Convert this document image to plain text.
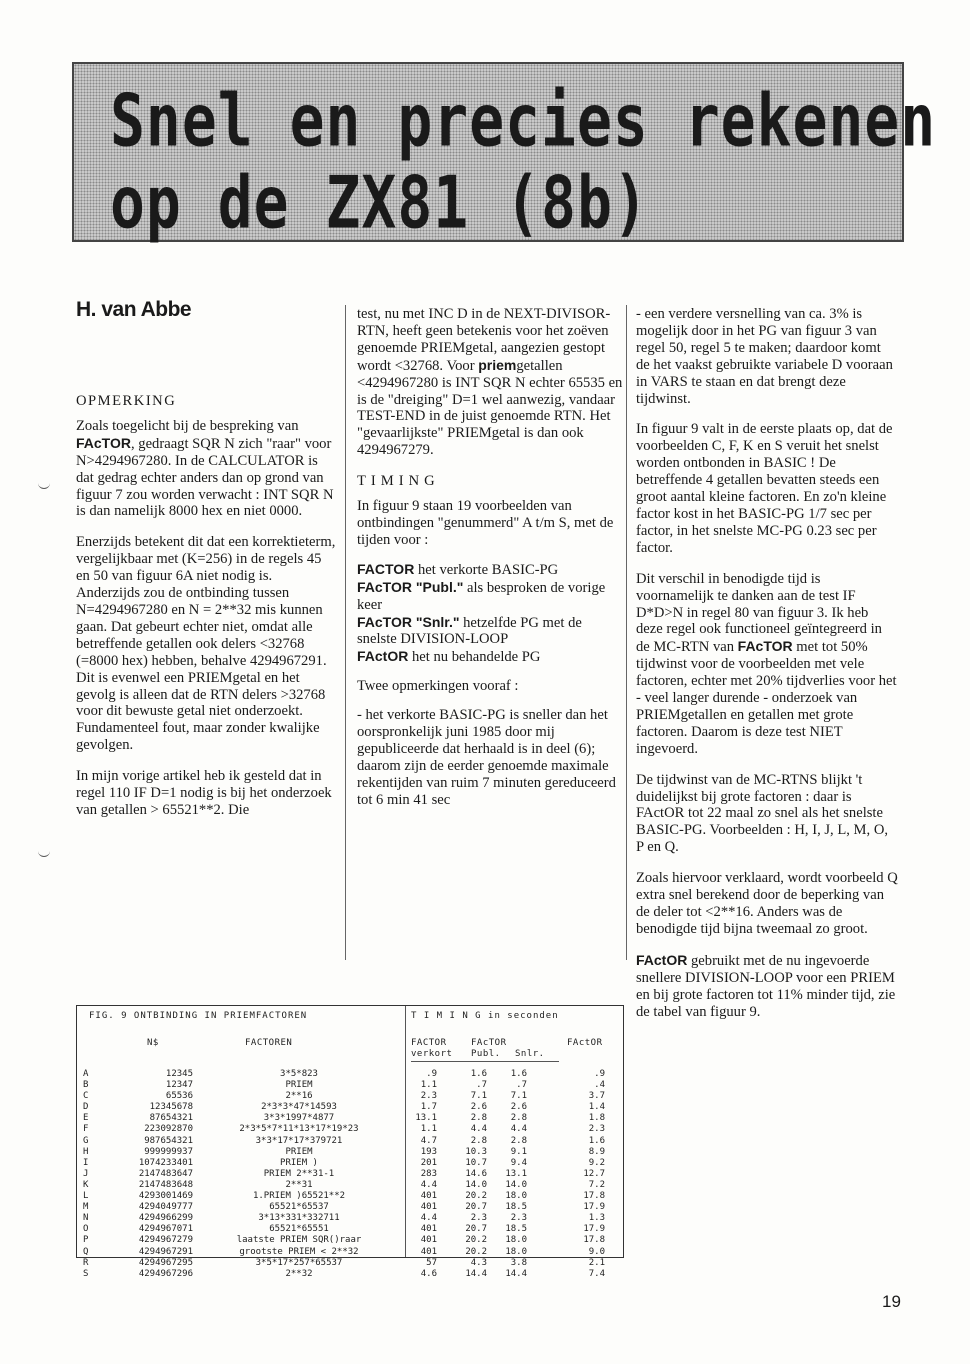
Snel en precies rekenen
op de ZX81 (8b)
H. van Abbe

OPMERKING

Zoals toegelicht bij de bespreking van FAcTOR, gedraagt SQR N zich "raar" voor N>4294967280. In de CALCULATOR is dat gedrag echter anders dan op grond van figuur 7 zou worden verwacht : INT SQR N is dan namelijk 8000 hex en niet 0000.

Enerzijds betekent dit dat een korrektieterm, vergelijkbaar met (K=256) in de regels 45 en 50 van figuur 6A niet nodig is. Anderzijds zou de ontbinding tussen N=4294967280 en N = 2**32 mis kunnen gaan. Dat gebeurt echter niet, omdat alle betreffende getallen ook delers <32768 (=8000 hex) hebben, behalve 4294967291. Dit is evenwel een PRIEMgetal en het gevolg is alleen dat de RTN delers >32768 voor dit bewuste getal niet onderzoekt. Fundamenteel fout, maar zonder kwalijke gevolgen.

In mijn vorige artikel heb ik gesteld dat in regel 110 IF D=1 nodig is bij het onderzoek van getallen > 65521**2. Die

test, nu met INC D in de NEXT-DIVISOR-RTN, heeft geen betekenis voor het zoëven genoemde PRIEMgetal, aangezien gestopt wordt <32768. Voor priemgetallen <4294967280 is INT SQR N echter 65535 en is de "dreiging" D=1 wel aanwezig, vandaar TEST-END in de juist genoemde RTN. Het "gevaarlijkste" PRIEMgetal is dan ook 4294967279.

TIMING

In figuur 9 staan 19 voorbeelden van ontbindingen "genummerd" A t/m S, met de tijden voor :

FACTOR het verkorte BASIC-PG
FAcTOR "Publ." als besproken de vorige keer
FAcTOR "Snlr." hetzelfde PG met de snelste DIVISION-LOOP
FActOR het nu behandelde PG

Twee opmerkingen vooraf :

- het verkorte BASIC-PG is sneller dan het oorspronkelijk juni 1985 door mij gepubliceerde dat herhaald is in deel (6); daarom zijn de eerder genoemde maximale rekentijden van ruim 7 minuten gereduceerd tot 6 min 41 sec

- een verdere versnelling van ca. 3% is mogelijk door in het PG van figuur 3 van regel 50, regel 5 te maken; daardoor komt de het vaakst gebruikte variabele D vooraan in VARS te staan en dat brengt deze tijdwinst.

In figuur 9 valt in de eerste plaats op, dat de voorbeelden C, F, K en S veruit het snelst worden ontbonden in BASIC ! De betreffende 4 getallen bevatten steeds een groot aantal kleine factoren. En zo'n kleine factor kost in het BASIC-PG 1/7 sec per factor, in het snelste MC-PG 0.23 sec per factor.

Dit verschil in benodigde tijd is voornamelijk te danken aan de test IF D*D>N in regel 80 van figuur 3. Ik heb deze regel ook functioneel geïntegreerd in de MC-RTN van FAcTOR met tot 50% tijdwinst voor de voorbeelden met vele factoren, echter met 20% tijdverlies voor het - veel langer durende - onderzoek van PRIEMgetallen en getallen met grote factoren. Daarom is deze test NIET ingevoerd.

De tijdwinst van de MC-RTNS blijkt 't duidelijkst bij grote factoren : daar is FActOR tot 22 maal zo snel als het snelste BASIC-PG. Voorbeelden : H, I, J, L, M, O, P en Q.

Zoals hiervoor verklaard, wordt voorbeeld Q extra snel berekend door de beperking van de deler tot <2**16. Anders was de benodigde tijd bijna tweemaal zo groot.

FActOR gebruikt met de nu ingevoerde snellere DIVISION-LOOP voor een PRIEM en bij grote factoren tot 11% minder tijd, zie de tabel van figuur 9.

FIG. 9 ONTBINDING IN PRIEMFACTOREN	T I M I N G in seconden
N$	FACTOREN	FACTOR	FAcTOR	FActOR
verkort Publ. Snlr.
A	12345	3*5*823	.9	1.6	1.6	.9
B	12347	PRIEM	1.1	.7	.7	.4
C	65536	2**16	2.3	7.1	7.1	3.7
D	12345678	2*3*3*47*14593	1.7	2.6	2.6	1.4
E	87654321	3*3*1997*4877	13.1	2.8	2.8	1.8
F	223092870	2*3*5*7*11*13*17*19*23	1.1	4.4	4.4	2.3
G	987654321	3*3*17*17*379721	4.7	2.8	2.8	1.6
H	999999937	PRIEM	193	10.3	9.1	8.9
I	1074233401	PRIEM )	201	10.7	9.4	9.2
J	2147483647	PRIEM 2**31-1	283	14.6	13.1	12.7
K	2147483648	2**31	4.4	14.0	14.0	7.2
L	4293001469	1.PRIEM )65521**2	401	20.2	18.0	17.8
M	4294049777	65521*65537	401	20.7	18.5	17.9
N	4294966299	3*13*331*332711	4.4	2.3	2.3	1.3
O	4294967071	65521*65551	401	20.7	18.5	17.9
P	4294967279	laatste PRIEM SQR()raar	401	20.2	18.0	17.8
Q	4294967291	grootste PRIEM < 2**32	401	20.2	18.0	9.0
R	4294967295	3*5*17*257*65537	57	4.3	3.8	2.1
S	4294967296	2**32	4.6	14.4	14.4	7.4
19
